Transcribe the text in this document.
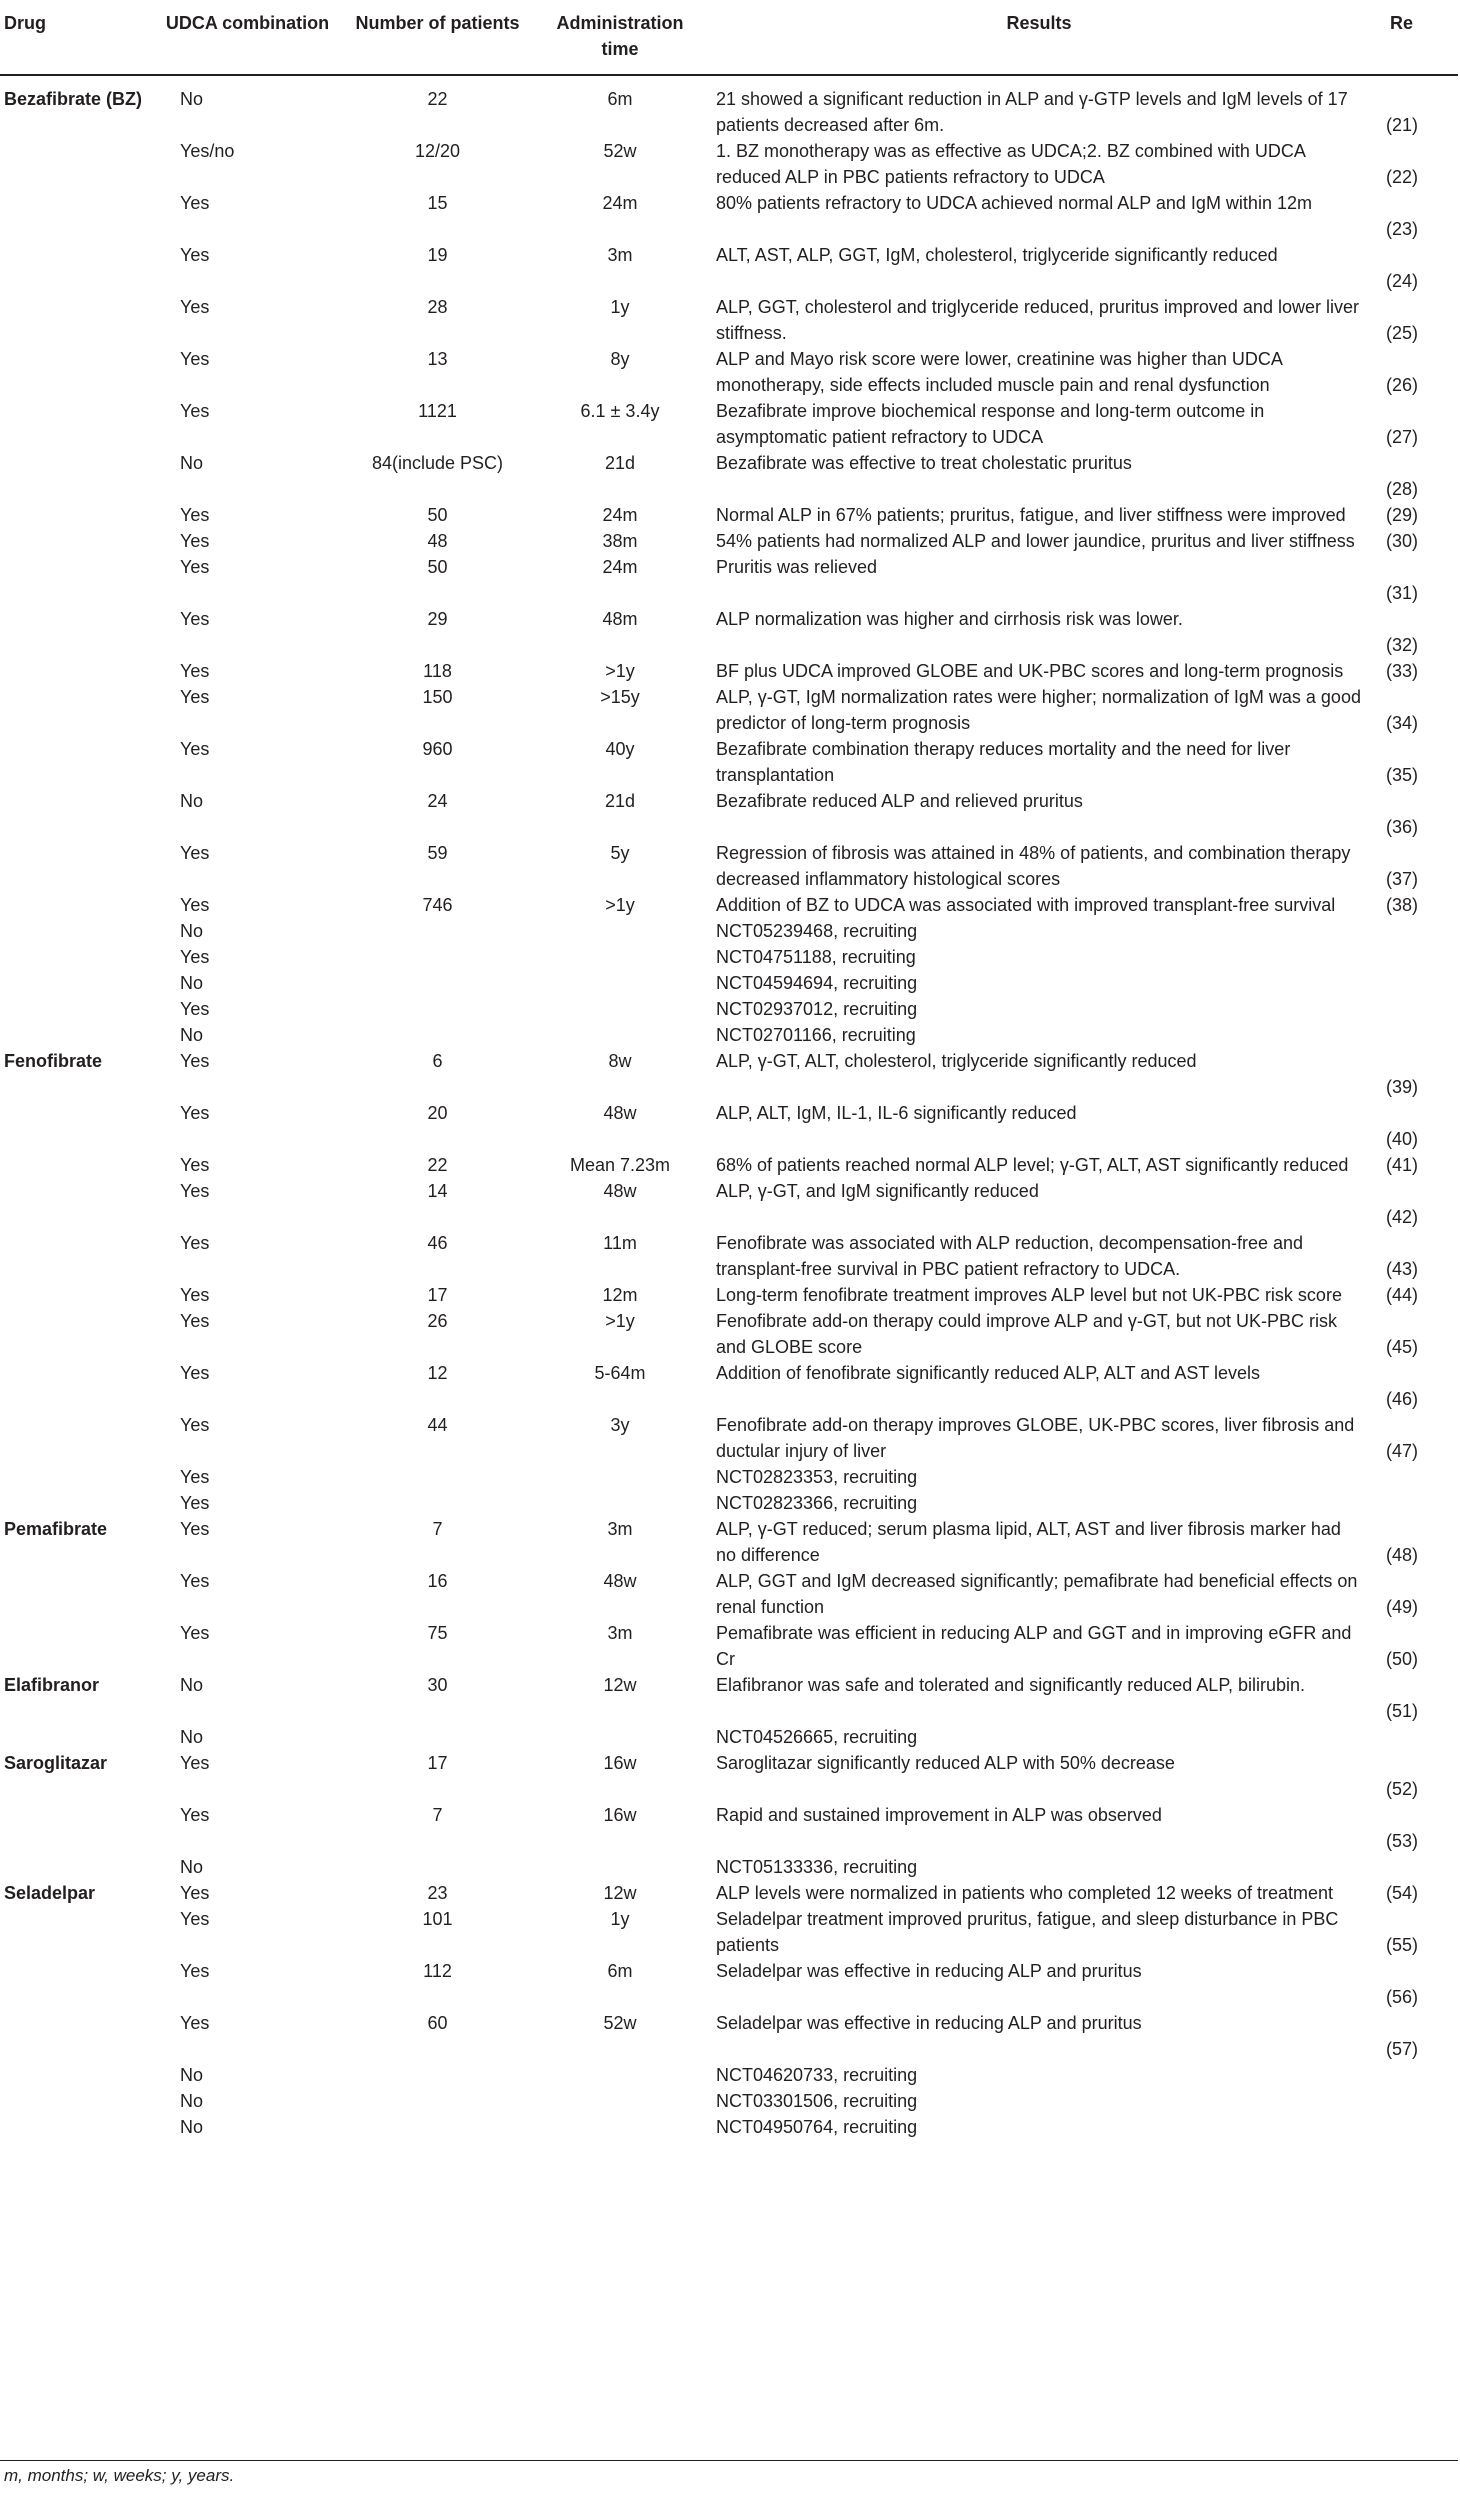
Drug	UDCA combination	Number of patients	Administration time	Results	Re
Bezafibrate (BZ)	No	22	6m	21 showed a significant reduction in ALP and γ-GTP levels and IgM levels of 17 patients decreased after 6m.	(21)
	Yes/no	12/20	52w	1. BZ monotherapy was as effective as UDCA;2. BZ combined with UDCA reduced ALP in PBC patients refractory to UDCA	(22)
	Yes	15	24m	80% patients refractory to UDCA achieved normal ALP and IgM within 12m	(23)
	Yes	19	3m	ALT, AST, ALP, GGT, IgM, cholesterol, triglyceride significantly reduced	(24)
	Yes	28	1y	ALP, GGT, cholesterol and triglyceride reduced, pruritus improved and lower liver stiffness.	(25)
	Yes	13	8y	ALP and Mayo risk score were lower, creatinine was higher than UDCA monotherapy, side effects included muscle pain and renal dysfunction	(26)
	Yes	1121	6.1 ± 3.4y	Bezafibrate improve biochemical response and long-term outcome in asymptomatic patient refractory to UDCA	(27)
	No	84(include PSC)	21d	Bezafibrate was effective to treat cholestatic pruritus	(28)
	Yes	50	24m	Normal ALP in 67% patients; pruritus, fatigue, and liver stiffness were improved	(29)
	Yes	48	38m	54% patients had normalized ALP and lower jaundice, pruritus and liver stiffness	(30)
	Yes	50	24m	Pruritis was relieved	(31)
	Yes	29	48m	ALP normalization was higher and cirrhosis risk was lower.	(32)
	Yes	118	>1y	BF plus UDCA improved GLOBE and UK-PBC scores and long-term prognosis	(33)
	Yes	150	>15y	ALP, γ-GT, IgM normalization rates were higher; normalization of IgM was a good predictor of long-term prognosis	(34)
	Yes	960	40y	Bezafibrate combination therapy reduces mortality and the need for liver transplantation	(35)
	No	24	21d	Bezafibrate reduced ALP and relieved pruritus	(36)
	Yes	59	5y	Regression of fibrosis was attained in 48% of patients, and combination therapy decreased inflammatory histological scores	(37)
	Yes	746	>1y	Addition of BZ to UDCA was associated with improved transplant-free survival	(38)
	No			NCT05239468, recruiting	
	Yes			NCT04751188, recruiting	
	No			NCT04594694, recruiting	
	Yes			NCT02937012, recruiting	
	No			NCT02701166, recruiting	
Fenofibrate	Yes	6	8w	ALP, γ-GT, ALT, cholesterol, triglyceride significantly reduced	(39)
	Yes	20	48w	ALP, ALT, IgM, IL-1, IL-6 significantly reduced	(40)
	Yes	22	Mean 7.23m	68% of patients reached normal ALP level; γ-GT, ALT, AST significantly reduced	(41)
	Yes	14	48w	ALP, γ-GT, and IgM significantly reduced	(42)
	Yes	46	11m	Fenofibrate was associated with ALP reduction, decompensation-free and transplant-free survival in PBC patient refractory to UDCA.	(43)
	Yes	17	12m	Long-term fenofibrate treatment improves ALP level but not UK-PBC risk score	(44)
	Yes	26	>1y	Fenofibrate add-on therapy could improve ALP and γ-GT, but not UK-PBC risk and GLOBE score	(45)
	Yes	12	5-64m	Addition of fenofibrate significantly reduced ALP, ALT and AST levels	(46)
	Yes	44	3y	Fenofibrate add-on therapy improves GLOBE, UK-PBC scores, liver fibrosis and ductular injury of liver	(47)
	Yes			NCT02823353, recruiting	
	Yes			NCT02823366, recruiting	
Pemafibrate	Yes	7	3m	ALP, γ-GT reduced; serum plasma lipid, ALT, AST and liver fibrosis marker had no difference	(48)
	Yes	16	48w	ALP, GGT and IgM decreased significantly; pemafibrate had beneficial effects on renal function	(49)
	Yes	75	3m	Pemafibrate was efficient in reducing ALP and GGT and in improving eGFR and Cr	(50)
Elafibranor	No	30	12w	Elafibranor was safe and tolerated and significantly reduced ALP, bilirubin.	(51)
	No			NCT04526665, recruiting	
Saroglitazar	Yes	17	16w	Saroglitazar significantly reduced ALP with 50% decrease	(52)
	Yes	7	16w	Rapid and sustained improvement in ALP was observed	(53)
	No			NCT05133336, recruiting	
Seladelpar	Yes	23	12w	ALP levels were normalized in patients who completed 12 weeks of treatment	(54)
	Yes	101	1y	Seladelpar treatment improved pruritus, fatigue, and sleep disturbance in PBC patients	(55)
	Yes	112	6m	Seladelpar was effective in reducing ALP and pruritus	(56)
	Yes	60	52w	Seladelpar was effective in reducing ALP and pruritus	(57)
	No			NCT04620733, recruiting	
	No			NCT03301506, recruiting	
	No			NCT04950764, recruiting	
m, months; w, weeks; y, years.
